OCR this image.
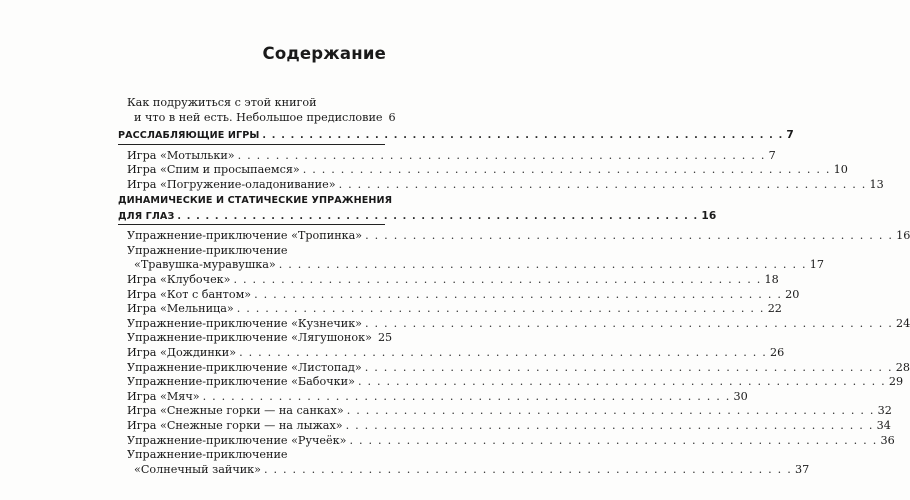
Содержание
Как подружиться с этой книгой
и что в ней есть. Небольшое предисловие 6
РАССЛАБЛЯЮЩИЕ ИГРЫ . . . . . . . . . . . . . . . . . . . . . . . . . . . . . . . . . . . . . . . . . . . . . . . . . . . . . . . . 7
Игра «Мотыльки» . . . . . . . . . . . . . . . . . . . . . . . . . . . . . . . . . . . . . . . . . . . . . . . . . . . . . . . . 7
Игра «Спим и просыпаемся» . . . . . . . . . . . . . . . . . . . . . . . . . . . . . . . . . . . . . . . . . . . . . . . . . . . . . . . . 10
Игра «Погружение-оладонивание» . . . . . . . . . . . . . . . . . . . . . . . . . . . . . . . . . . . . . . . . . . . . . . . . . . . . . . . . 13
ДИНАМИЧЕСКИЕ И СТАТИЧЕСКИЕ УПРАЖНЕНИЯ
ДЛЯ ГЛАЗ . . . . . . . . . . . . . . . . . . . . . . . . . . . . . . . . . . . . . . . . . . . . . . . . . . . . . . . . 16
Упражнение-приключение «Тропинка» . . . . . . . . . . . . . . . . . . . . . . . . . . . . . . . . . . . . . . . . . . . . . . . . . . . . . . . . 16
Упражнение-приключение
«Травушка-муравушка» . . . . . . . . . . . . . . . . . . . . . . . . . . . . . . . . . . . . . . . . . . . . . . . . . . . . . . . . 17
Игра «Клубочек» . . . . . . . . . . . . . . . . . . . . . . . . . . . . . . . . . . . . . . . . . . . . . . . . . . . . . . . . 18
Игра «Кот с бантом» . . . . . . . . . . . . . . . . . . . . . . . . . . . . . . . . . . . . . . . . . . . . . . . . . . . . . . . . 20
Игра «Мельница» . . . . . . . . . . . . . . . . . . . . . . . . . . . . . . . . . . . . . . . . . . . . . . . . . . . . . . . . 22
Упражнение-приключение «Кузнечик» . . . . . . . . . . . . . . . . . . . . . . . . . . . . . . . . . . . . . . . . . . . . . . . . . . . . . . . . 24
Упражнение-приключение «Лягушонок» 25
Игра «Дождинки» . . . . . . . . . . . . . . . . . . . . . . . . . . . . . . . . . . . . . . . . . . . . . . . . . . . . . . . . 26
Упражнение-приключение «Листопад» . . . . . . . . . . . . . . . . . . . . . . . . . . . . . . . . . . . . . . . . . . . . . . . . . . . . . . . . 28
Упражнение-приключение «Бабочки» . . . . . . . . . . . . . . . . . . . . . . . . . . . . . . . . . . . . . . . . . . . . . . . . . . . . . . . . 29
Игра «Мяч» . . . . . . . . . . . . . . . . . . . . . . . . . . . . . . . . . . . . . . . . . . . . . . . . . . . . . . . . 30
Игра «Снежные горки — на санках» . . . . . . . . . . . . . . . . . . . . . . . . . . . . . . . . . . . . . . . . . . . . . . . . . . . . . . . . 32
Игра «Снежные горки — на лыжах» . . . . . . . . . . . . . . . . . . . . . . . . . . . . . . . . . . . . . . . . . . . . . . . . . . . . . . . . 34
Упражнение-приключение «Ручеёк» . . . . . . . . . . . . . . . . . . . . . . . . . . . . . . . . . . . . . . . . . . . . . . . . . . . . . . . . 36
Упражнение-приключение
«Солнечный зайчик» . . . . . . . . . . . . . . . . . . . . . . . . . . . . . . . . . . . . . . . . . . . . . . . . . . . . . . . . 37
